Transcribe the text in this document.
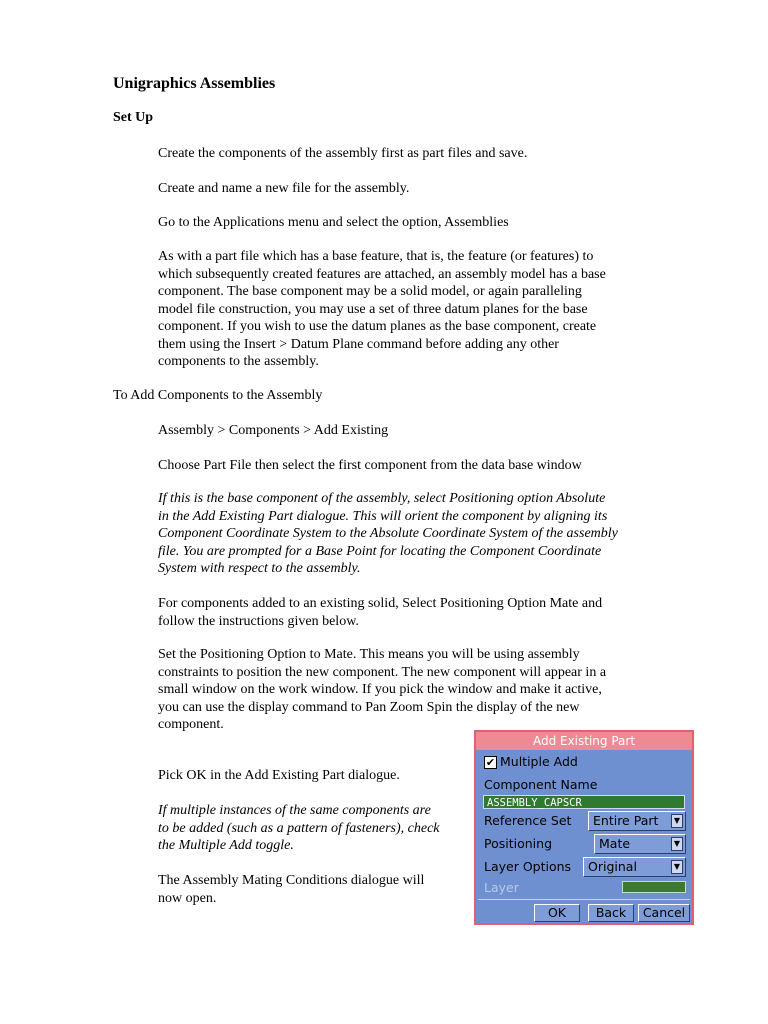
Unigraphics Assemblies
Set Up
Create the components of the assembly first as part files and save.
Create and name a new file for the assembly.
Go to the Applications menu and select the option, Assemblies
As with a part file which has a base feature, that is, the feature (or features) to
which subsequently created features are attached, an assembly model has a base
component. The base component may be a solid model, or again paralleling
model file construction, you may use a set of three datum planes for the base
component. If you wish to use the datum planes as the base component, create
them using the Insert > Datum Plane command before adding any other
components to the assembly.
To Add Components to the Assembly
Assembly > Components > Add Existing
Choose Part File then select the first component from the data base window
If this is the base component of the assembly, select Positioning option Absolute
in the Add Existing Part dialogue. This will orient the component by aligning its
Component Coordinate System to the Absolute Coordinate System of the assembly
file. You are prompted for a Base Point for locating the Component Coordinate
System with respect to the assembly.
For components added to an existing solid, Select Positioning Option Mate and
follow the instructions given below.
Set the Positioning Option to Mate. This means you will be using assembly
constraints to position the new component. The new component will appear in a
small window on the work window. If you pick the window and make it active,
you can use the display command to Pan Zoom Spin the display of the new
component.
Pick OK in the Add Existing Part dialogue.
If multiple instances of the same components are
to be added (such as a pattern of fasteners), check
the Multiple Add toggle.
The Assembly Mating Conditions dialogue will
now open.
Add Existing Part
✔ Multiple Add
Component Name
ASSEMBLY_CAPSCR
Reference Set	Entire Part	▼
Positioning	Mate	▼
Layer Options	Original	▼
Layer
OK	Back	Cancel
